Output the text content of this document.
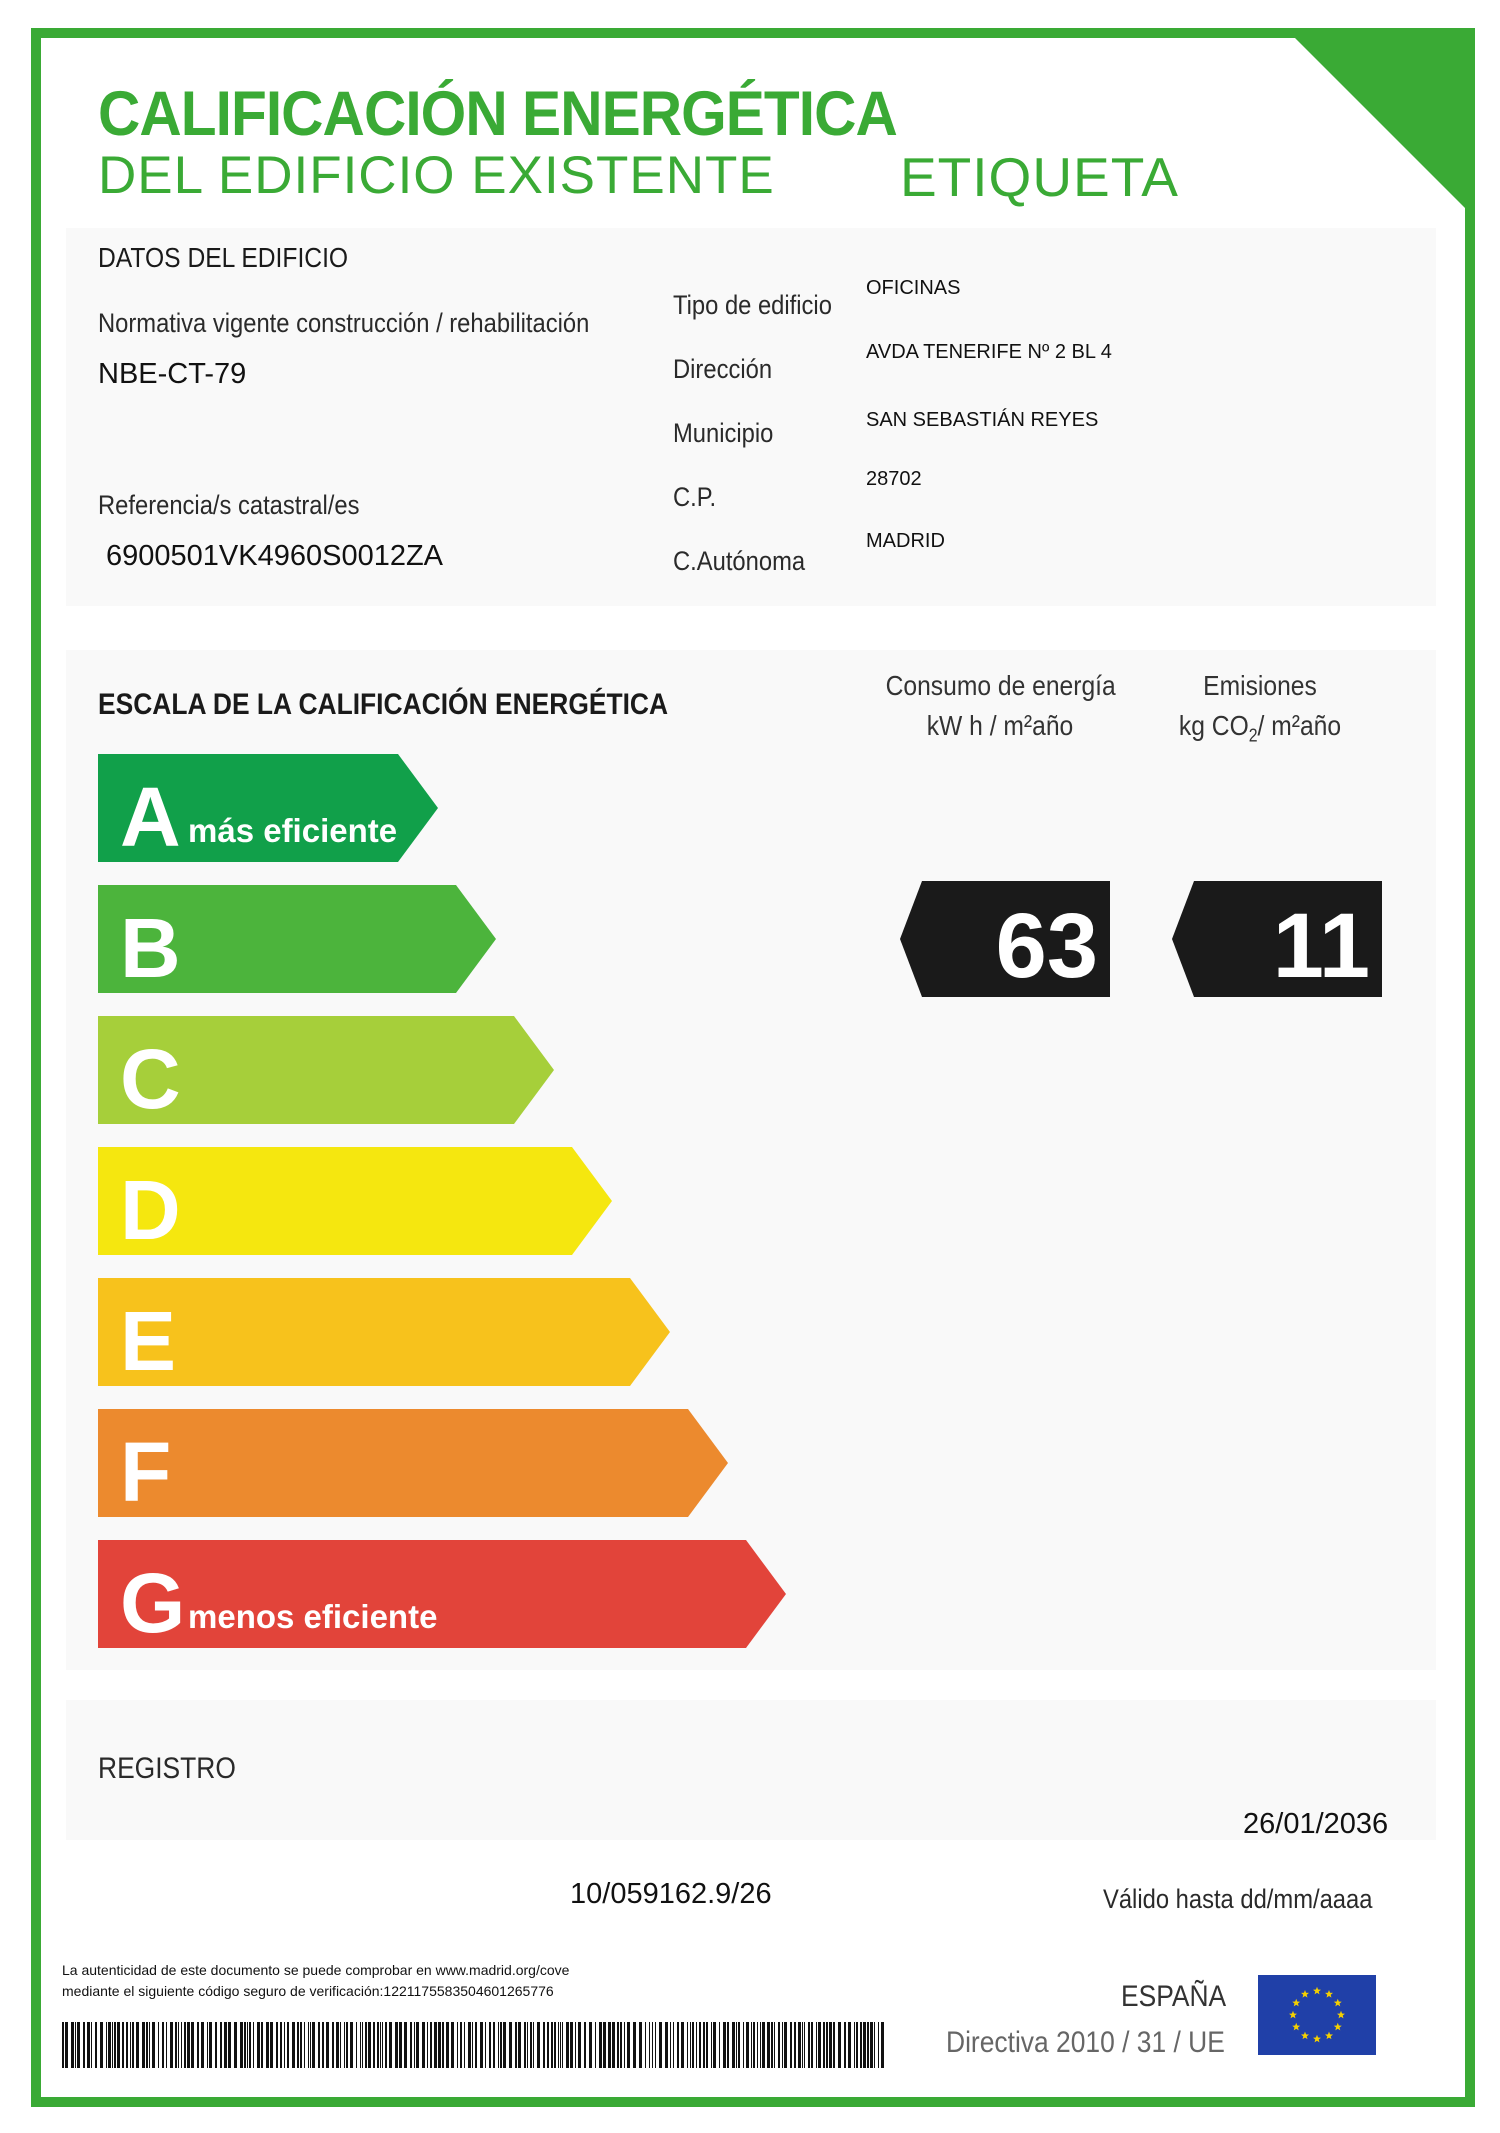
CALIFICACIÓN ENERGÉTICA
DEL EDIFICIO EXISTENTE ETIQUETA
DATOS DEL EDIFICIO
Normativa vigente construcción / rehabilitación
NBE-CT-79
Referencia/s catastral/es
6900501VK4960S0012ZA
Tipo de edificio
OFICINAS
Dirección
AVDA TENERIFE Nº 2 BL 4
Municipio	SAN SEBASTIÁN REYES
C.P.
28702
C.Autónoma
MADRID
ESCALA DE LA CALIFICACIÓN ENERGÉTICA
Consumo de energía
kW h / m²año
Emisiones
kg $CO_2/$ m²año
A más eficiente
B
C
D
E
F
G menos eficiente
63 11
REGISTRO
26/01/2036
10/059162.9/26	Válido hasta dd/mm/aaaa
La autenticidad de este documento se puede comprobar en www.madrid.org/cove
mediante el siguiente código seguro de verificación:1221175583504601265776	ESPAÑA
Directiva 2010 / 31 / UE
